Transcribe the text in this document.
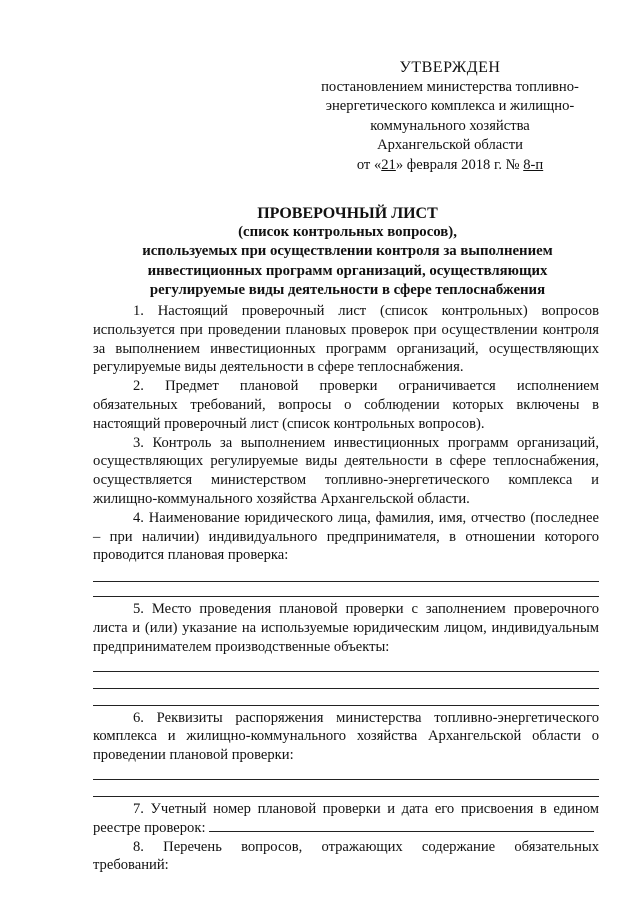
УТВЕРЖДЕН
постановлением министерства топливно-
энергетического комплекса и жилищно-
коммунального хозяйства
Архангельской области
от «21» февраля 2018 г. № 8-п
ПРОВЕРОЧНЫЙ ЛИСТ
(список контрольных вопросов),
используемых при осуществлении контроля за выполнением
инвестиционных программ организаций, осуществляющих
регулируемые виды деятельности в сфере теплоснабжения

1. Настоящий проверочный лист (список контрольных) вопросов используется при проведении плановых проверок при осуществлении контроля за выполнением инвестиционных программ организаций, осуществляющих регулируемые виды деятельности в сфере теплоснабжения.

2. Предмет плановой проверки ограничивается исполнением обязательных требований, вопросы о соблюдении которых включены в настоящий проверочный лист (список контрольных вопросов).

3. Контроль за выполнением инвестиционных программ организаций, осуществляющих регулируемые виды деятельности в сфере теплоснабжения, осуществляется министерством топливно-энергетического комплекса и жилищно-коммунального хозяйства Архангельской области.

4. Наименование юридического лица, фамилия, имя, отчество (последнее – при наличии) индивидуального предпринимателя, в отношении которого проводится плановая проверка:

5. Место проведения плановой проверки с заполнением проверочного листа и (или) указание на используемые юридическим лицом, индивидуальным предпринимателем производственные объекты:

6. Реквизиты распоряжения министерства топливно-энергетического комплекса и жилищно-коммунального хозяйства Архангельской области о проведении плановой проверки:

7. Учетный номер плановой проверки и дата его присвоения в едином реестре проверок:

8. Перечень вопросов, отражающих содержание обязательных требований:
